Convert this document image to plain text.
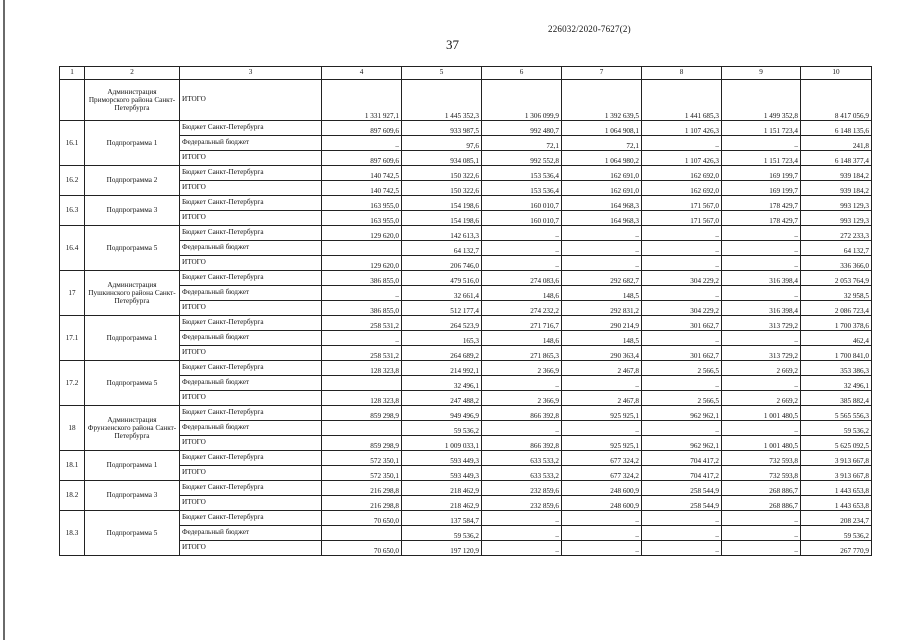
226032/2020-7627(2)
37
1	2	3	4	5	6	7	8	9	10
	Администрация Приморского района Санкт-Петербурга	ИТОГО	1 331 927,1	1 445 352,3	1 306 099,9	1 392 639,5	1 441 685,3	1 499 352,8	8 417 056,9
16.1	Подпрограмма 1	Бюджет Санкт-Петербурга	897 609,6	933 987,5	992 480,7	1 064 908,1	1 107 426,3	1 151 723,4	6 148 135,6
		Федеральный бюджет	–	97,6	72,1	72,1	–	–	241,8
		ИТОГО	897 609,6	934 085,1	992 552,8	1 064 980,2	1 107 426,3	1 151 723,4	6 148 377,4
16.2	Подпрограмма 2	Бюджет Санкт-Петербурга	140 742,5	150 322,6	153 536,4	162 691,0	162 692,0	169 199,7	939 184,2
		ИТОГО	140 742,5	150 322,6	153 536,4	162 691,0	162 692,0	169 199,7	939 184,2
16.3	Подпрограмма 3	Бюджет Санкт-Петербурга	163 955,0	154 198,6	160 010,7	164 968,3	171 567,0	178 429,7	993 129,3
		ИТОГО	163 955,0	154 198,6	160 010,7	164 968,3	171 567,0	178 429,7	993 129,3
16.4	Подпрограмма 5	Бюджет Санкт-Петербурга	129 620,0	142 613,3	–	–	–	–	272 233,3
		Федеральный бюджет		64 132,7	–	–	–	–	64 132,7
		ИТОГО	129 620,0	206 746,0	–	–	–	–	336 366,0
17	Администрация Пушкинского района Санкт-Петербурга	Бюджет Санкт-Петербурга	386 855,0	479 516,0	274 083,6	292 682,7	304 229,2	316 398,4	2 053 764,9
		Федеральный бюджет	–	32 661,4	148,6	148,5	–	–	32 958,5
		ИТОГО	386 855,0	512 177,4	274 232,2	292 831,2	304 229,2	316 398,4	2 086 723,4
17.1	Подпрограмма 1	Бюджет Санкт-Петербурга	258 531,2	264 523,9	271 716,7	290 214,9	301 662,7	313 729,2	1 700 378,6
		Федеральный бюджет	–	165,3	148,6	148,5	–	–	462,4
		ИТОГО	258 531,2	264 689,2	271 865,3	290 363,4	301 662,7	313 729,2	1 700 841,0
17.2	Подпрограмма 5	Бюджет Санкт-Петербурга	128 323,8	214 992,1	2 366,9	2 467,8	2 566,5	2 669,2	353 386,3
		Федеральный бюджет		32 496,1	–	–	–	–	32 496,1
		ИТОГО	128 323,8	247 488,2	2 366,9	2 467,8	2 566,5	2 669,2	385 882,4
18	Администрация Фрунзенского района Санкт-Петербурга	Бюджет Санкт-Петербурга	859 298,9	949 496,9	866 392,8	925 925,1	962 962,1	1 001 480,5	5 565 556,3
		Федеральный бюджет		59 536,2	–	–	–	–	59 536,2
		ИТОГО	859 298,9	1 009 033,1	866 392,8	925 925,1	962 962,1	1 001 480,5	5 625 092,5
18.1	Подпрограмма 1	Бюджет Санкт-Петербурга	572 350,1	593 449,3	633 533,2	677 324,2	704 417,2	732 593,8	3 913 667,8
		ИТОГО	572 350,1	593 449,3	633 533,2	677 324,2	704 417,2	732 593,8	3 913 667,8
18.2	Подпрограмма 3	Бюджет Санкт-Петербурга	216 298,8	218 462,9	232 859,6	248 600,9	258 544,9	268 886,7	1 443 653,8
		ИТОГО	216 298,8	218 462,9	232 859,6	248 600,9	258 544,9	268 886,7	1 443 653,8
18.3	Подпрограмма 5	Бюджет Санкт-Петербурга	70 650,0	137 584,7	–	–	–	–	208 234,7
		Федеральный бюджет		59 536,2	–	–	–	–	59 536,2
		ИТОГО	70 650,0	197 120,9	–	–	–	–	267 770,9
